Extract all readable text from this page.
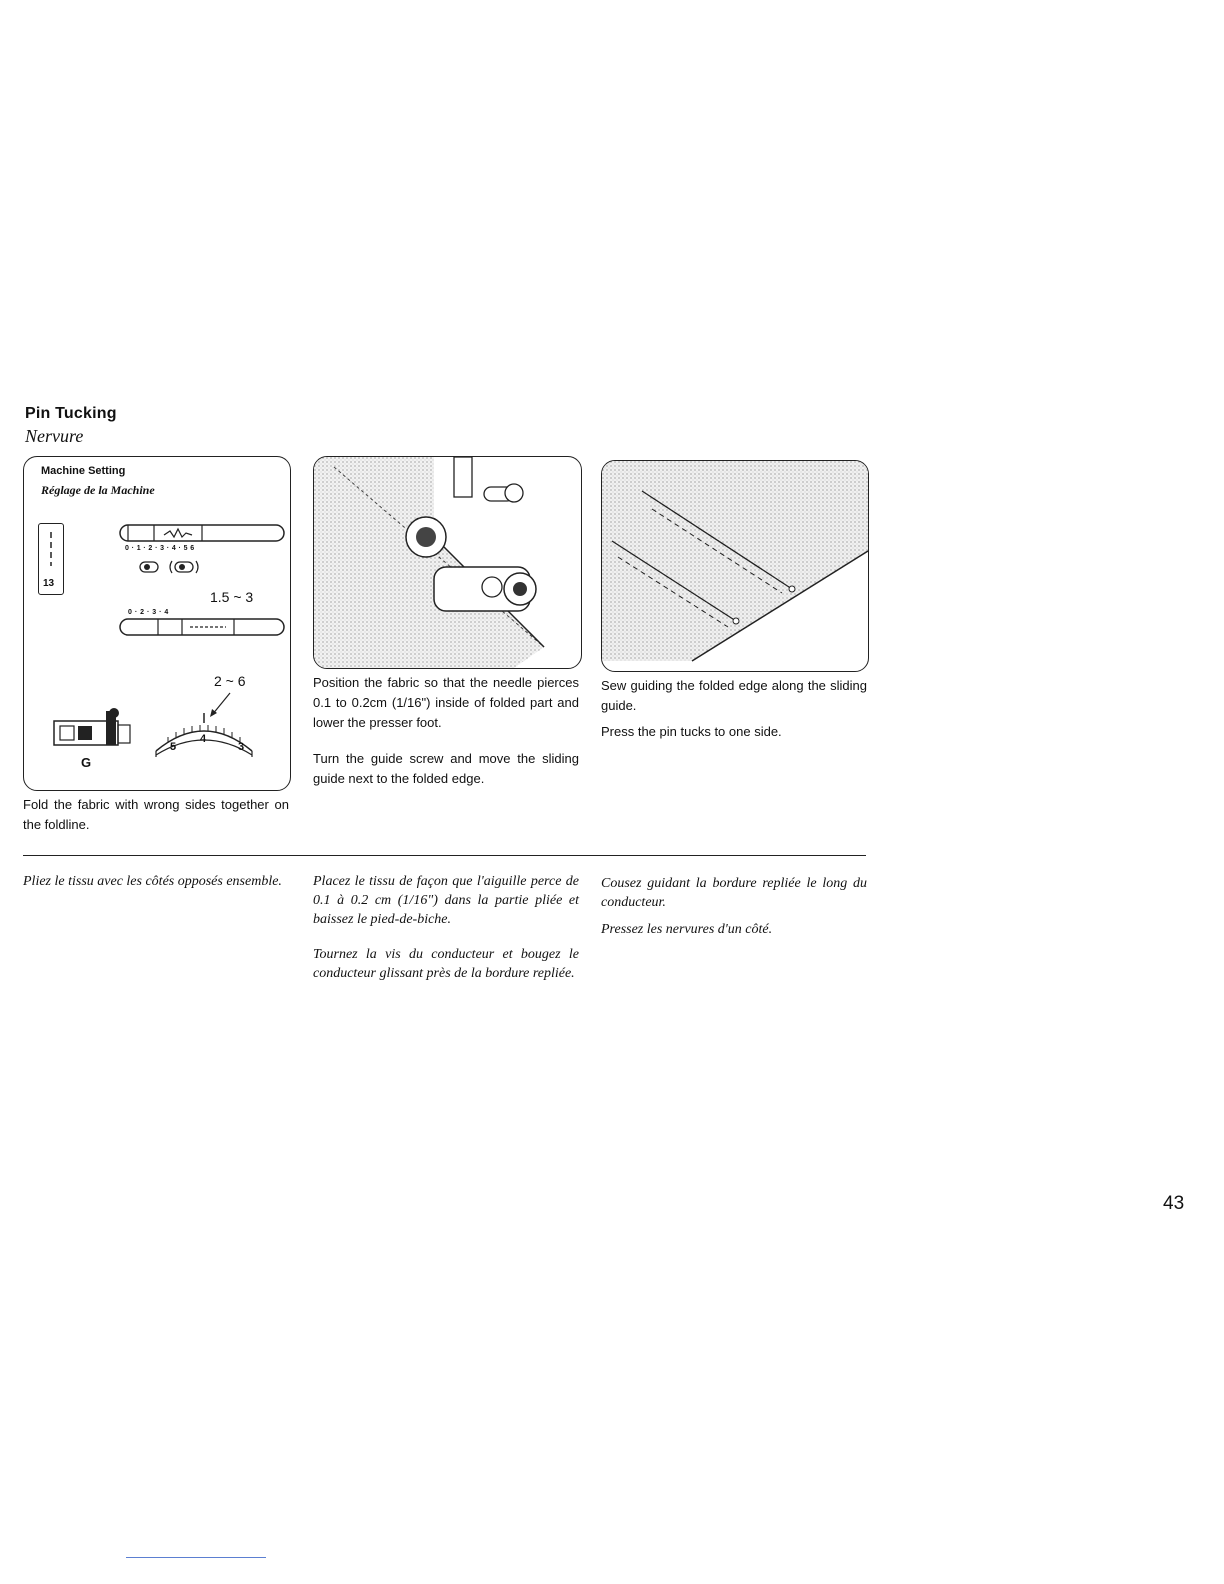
Pin Tucking
Nervure
Machine Setting
Réglage de la Machine
13
0 · 1 · 2 · 3 · 4 · 5 6
1.5 ~ 3
0 · 2 · 3 · 4
2 ~ 6
G
5
4
3

Fold the fabric with wrong sides together on the foldline.

Position the fabric so that the needle pierces 0.1 to 0.2cm (1/16") inside of folded part and lower the presser foot.

Turn the guide screw and move the sliding guide next to the folded edge.

Sew guiding the folded edge along the sliding guide.

Press the pin tucks to one side.

Pliez le tissu avec les côtés opposés ensemble.	Placez le tissu de façon que l'aiguille perce de 0.1 à 0.2 cm (1/16") dans la partie pliée et baissez le pied-de-biche.

Tournez la vis du conducteur et bougez le conducteur glissant près de la bordure repliée.

Cousez guidant la bordure repliée le long du conducteur.

Pressez les nervures d'un côté.

43
